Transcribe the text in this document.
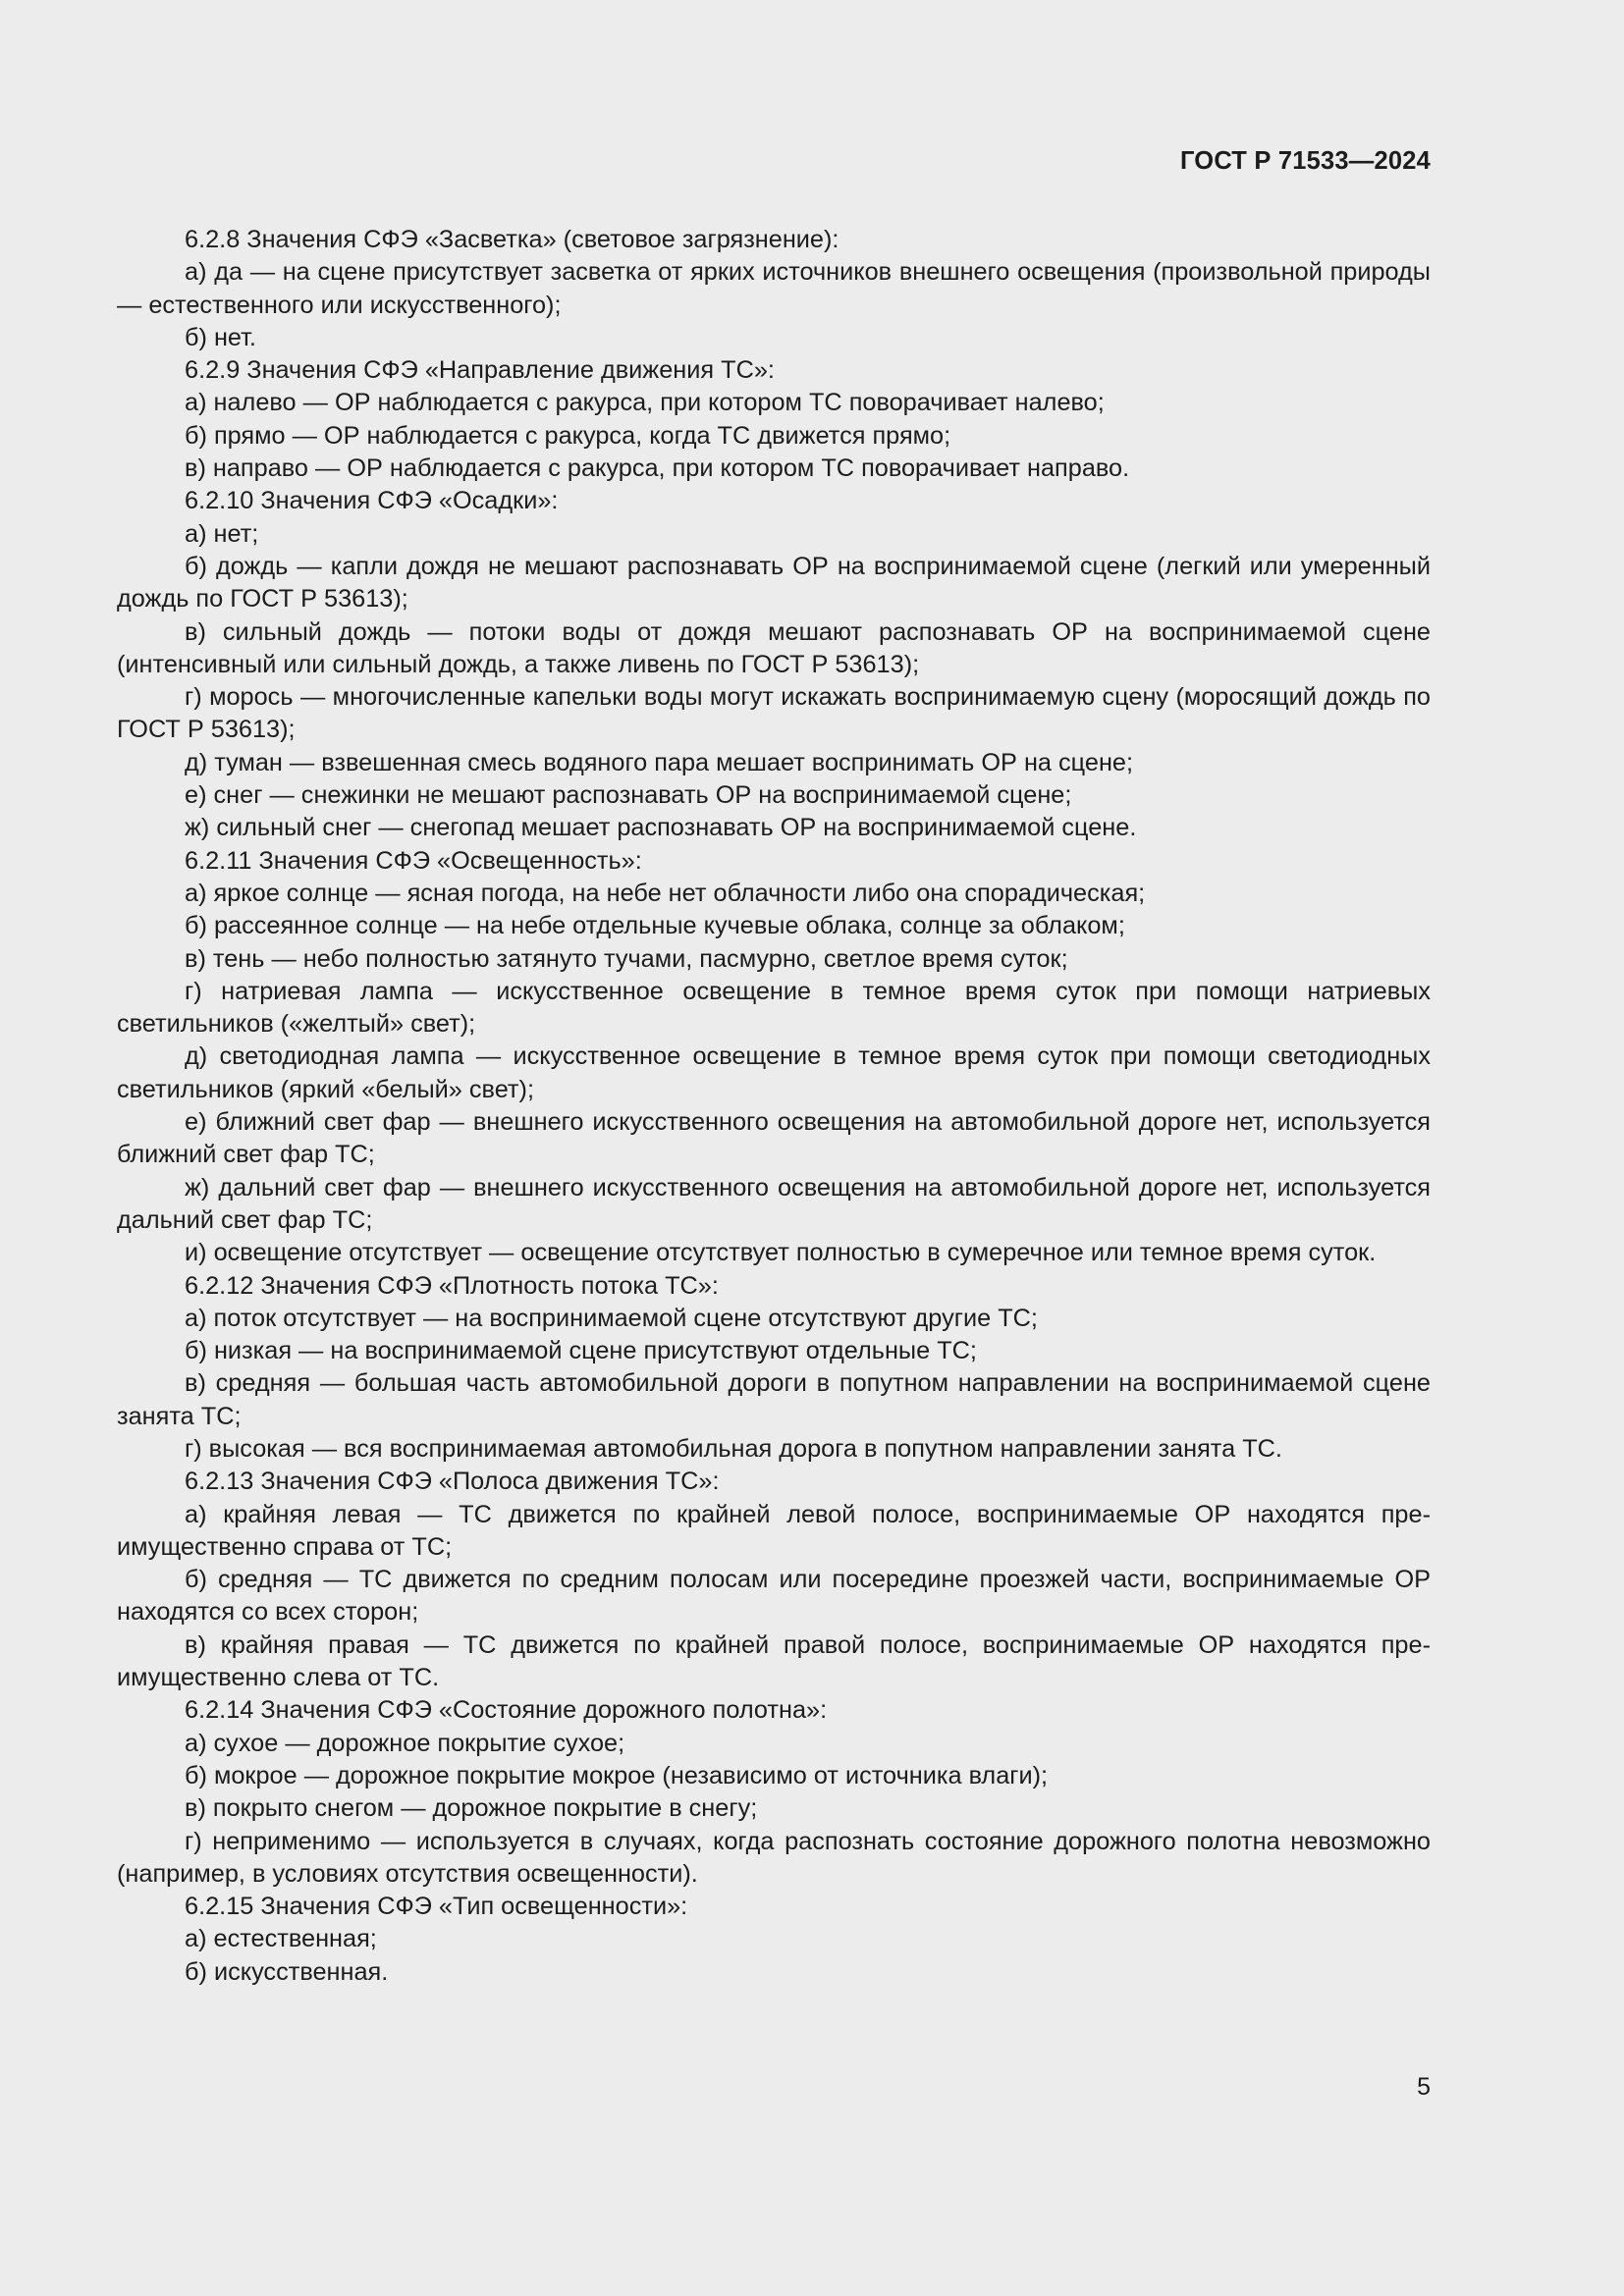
ГОСТ Р 71533—2024

6.2.8 Значения СФЭ «Засветка» (световое загрязнение):

а) да — на сцене присутствует засветка от ярких источников внешнего освещения (произвольной природы — естественного или искусственного);

б) нет.

6.2.9 Значения СФЭ «Направление движения ТС»:

а) налево — ОР наблюдается с ракурса, при котором ТС поворачивает налево;

б) прямо — ОР наблюдается с ракурса, когда ТС движется прямо;

в) направо — ОР наблюдается с ракурса, при котором ТС поворачивает направо.

6.2.10 Значения СФЭ «Осадки»:

а) нет;

б) дождь — капли дождя не мешают распознавать ОР на воспринимаемой сцене (легкий или умеренный дождь по ГОСТ Р 53613);

в) сильный дождь — потоки воды от дождя мешают распознавать ОР на воспринимаемой сцене (интенсивный или сильный дождь, а также ливень по ГОСТ Р 53613);

г) морось — многочисленные капельки воды могут искажать воспринимаемую сцену (моросящий дождь по ГОСТ Р 53613);

д) туман — взвешенная смесь водяного пара мешает воспринимать ОР на сцене;

е) снег — снежинки не мешают распознавать ОР на воспринимаемой сцене;

ж) сильный снег — снегопад мешает распознавать ОР на воспринимаемой сцене.

6.2.11 Значения СФЭ «Освещенность»:

а) яркое солнце — ясная погода, на небе нет облачности либо она спорадическая;

б) рассеянное солнце — на небе отдельные кучевые облака, солнце за облаком;

в) тень — небо полностью затянуто тучами, пасмурно, светлое время суток;

г) натриевая лампа — искусственное освещение в темное время суток при помощи натриевых светильников («желтый» свет);

д) светодиодная лампа — искусственное освещение в темное время суток при помощи светодиодных светильников (яркий «белый» свет);

е) ближний свет фар — внешнего искусственного освещения на автомобильной дороге нет, используется ближний свет фар ТС;

ж) дальний свет фар — внешнего искусственного освещения на автомобильной дороге нет, используется дальний свет фар ТС;

и) освещение отсутствует — освещение отсутствует полностью в сумеречное или темное время суток.

6.2.12 Значения СФЭ «Плотность потока ТС»:

а) поток отсутствует — на воспринимаемой сцене отсутствуют другие ТС;

б) низкая — на воспринимаемой сцене присутствуют отдельные ТС;

в) средняя — большая часть автомобильной дороги в попутном направлении на воспринимаемой сцене занята ТС;

г) высокая — вся воспринимаемая автомобильная дорога в попутном направлении занята ТС.

6.2.13 Значения СФЭ «Полоса движения ТС»:

а) крайняя левая — ТС движется по крайней левой полосе, воспринимаемые ОР находятся преимущественно справа от ТС;

б) средняя — ТС движется по средним полосам или посередине проезжей части, воспринимаемые ОР находятся со всех сторон;

в) крайняя правая — ТС движется по крайней правой полосе, воспринимаемые ОР находятся преимущественно слева от ТС.

6.2.14 Значения СФЭ «Состояние дорожного полотна»:

а) сухое — дорожное покрытие сухое;

б) мокрое — дорожное покрытие мокрое (независимо от источника влаги);

в) покрыто снегом — дорожное покрытие в снегу;

г) неприменимо — используется в случаях, когда распознать состояние дорожного полотна невозможно (например, в условиях отсутствия освещенности).

6.2.15 Значения СФЭ «Тип освещенности»:

а) естественная;

б) искусственная.

5
